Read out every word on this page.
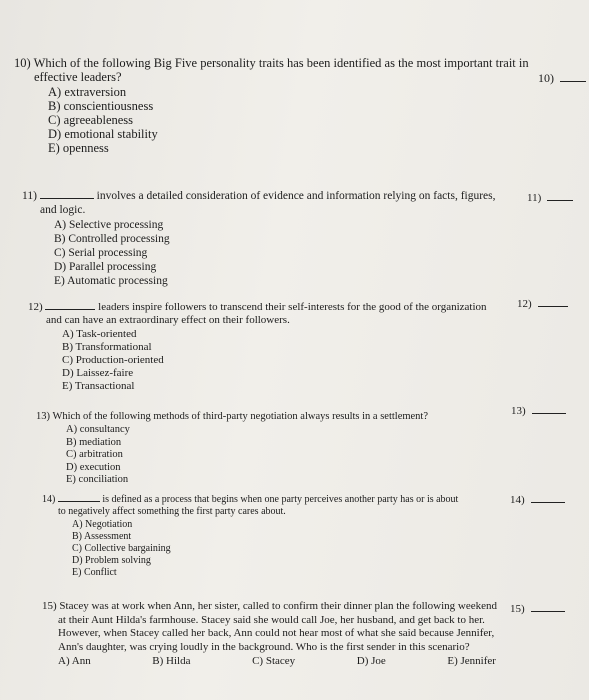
10) Which of the following Big Five personality traits has been identified as the most important trait in
effective leaders?
A) extraversion
B) conscientiousness
C) agreeableness
D) emotional stability
E) openness
10)
11)	involves a detailed consideration of evidence and information relying on facts, figures,
and logic.
A) Selective processing
B) Controlled processing
C) Serial processing
D) Parallel processing
E) Automatic processing
11)
12)	leaders inspire followers to transcend their self-interests for the good of the organization
and can have an extraordinary effect on their followers.
A) Task-oriented
B) Transformational
C) Production-oriented
D) Laissez-faire
E) Transactional
12)
13) Which of the following methods of third-party negotiation always results in a settlement?
A) consultancy
B) mediation
C) arbitration
D) execution
E) conciliation
13)
14)	is defined as a process that begins when one party perceives another party has or is about
to negatively affect something the first party cares about.
A) Negotiation
B) Assessment
C) Collective bargaining
D) Problem solving
E) Conflict
14)
15) Stacey was at work when Ann, her sister, called to confirm their dinner plan the following weekend
at their Aunt Hilda's farmhouse. Stacey said she would call Joe, her husband, and get back to her.
However, when Stacey called her back, Ann could not hear most of what she said because Jennifer,
Ann's daughter, was crying loudly in the background. Who is the first sender in this scenario?
A) Ann	B) Hilda	C) Stacey	D) Joe	E) Jennifer
15)
